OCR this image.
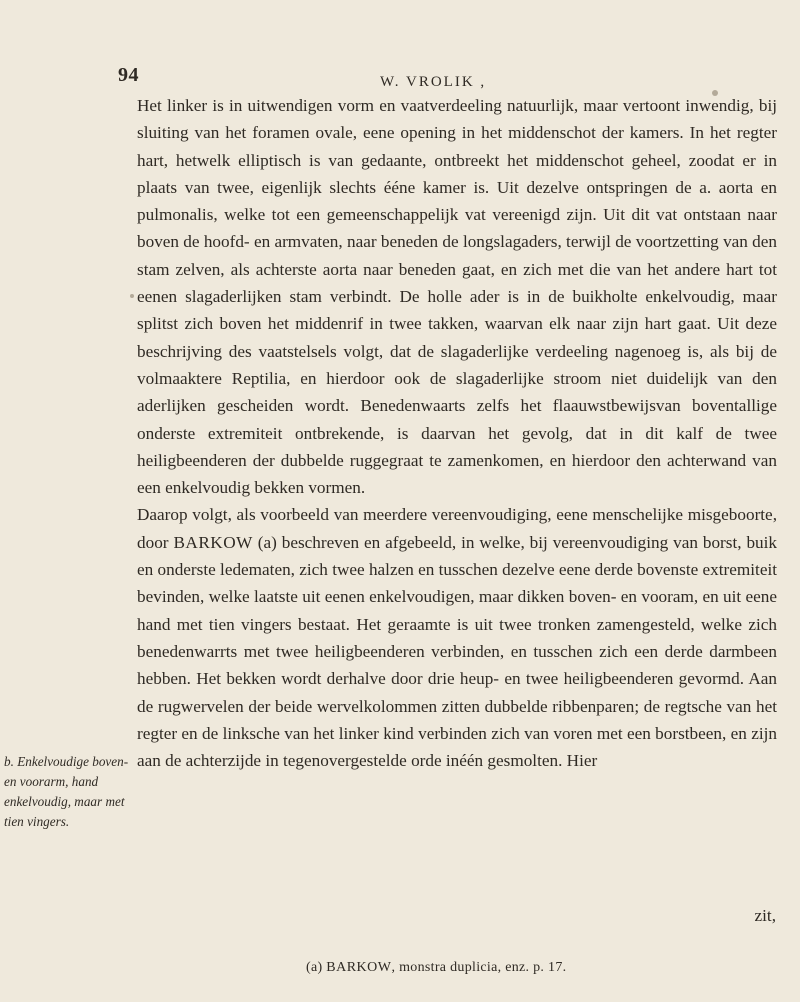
94	W. VROLIK ,

Het linker is in uitwendigen vorm en vaatverdeeling natuurlijk, maar vertoont inwendig, bij sluiting van het foramen ovale, eene opening in het middenschot der kamers. In het regter hart, hetwelk elliptisch is van gedaante, ontbreekt het middenschot geheel, zoodat er in plaats van twee, eigenlijk slechts ééne kamer is. Uit dezelve ontspringen de a. aorta en pulmonalis, welke tot een gemeenschappelijk vat vereenigd zijn. Uit dit vat ontstaan naar boven de hoofd- en armvaten, naar beneden de longslagaders, terwijl de voortzetting van den stam zelven, als achterste aorta naar beneden gaat, en zich met die van het andere hart tot eenen slagaderlijken stam verbindt. De holle ader is in de buikholte enkelvoudig, maar splitst zich boven het middenrif in twee takken, waarvan elk naar zijn hart gaat. Uit deze beschrijving des vaatstelsels volgt, dat de slagaderlijke verdeeling nagenoeg is, als bij de volmaaktere Reptilia, en hierdoor ook de slagaderlijke stroom niet duidelijk van den aderlijken gescheiden wordt. Benedenwaarts zelfs het flaauwstbewijsvan boventallige onderste extremiteit ontbrekende, is daarvan het gevolg, dat in dit kalf de twee heiligbeenderen der dubbelde ruggegraat te zamenkomen, en hierdoor den achterwand van een enkelvoudig bekken vormen.

Daarop volgt, als voorbeeld van meerdere vereenvoudiging, eene menschelijke misgeboorte, door BARKOW (a) beschreven en afgebeeld, in welke, bij vereenvoudiging van borst, buik en onderste ledematen, zich twee halzen en tusschen dezelve eene derde bovenste extremiteit bevinden, welke laatste uit eenen enkelvoudigen, maar dikken boven- en vooram, en uit eene hand met tien vingers bestaat. Het geraamte is uit twee tronken zamengesteld, welke zich benedenwarrts met twee heiligbeenderen verbinden, en tusschen zich een derde darmbeen hebben. Het bekken wordt derhalve door drie heup- en twee heiligbeenderen gevormd. Aan de rugwervelen der beide wervelkolommen zitten dubbelde ribbenparen; de regtsche van het regter en de linksche van het linker kind verbinden zich van voren met een borstbeen, en zijn aan de achterzijde in tegenovergestelde orde inéén gesmolten. Hier

b. Enkelvoudige boven- en voorarm, hand enkelvoudig, maar met tien vingers.
zit,
(a) BARKOW, monstra duplicia, enz. p. 17.
